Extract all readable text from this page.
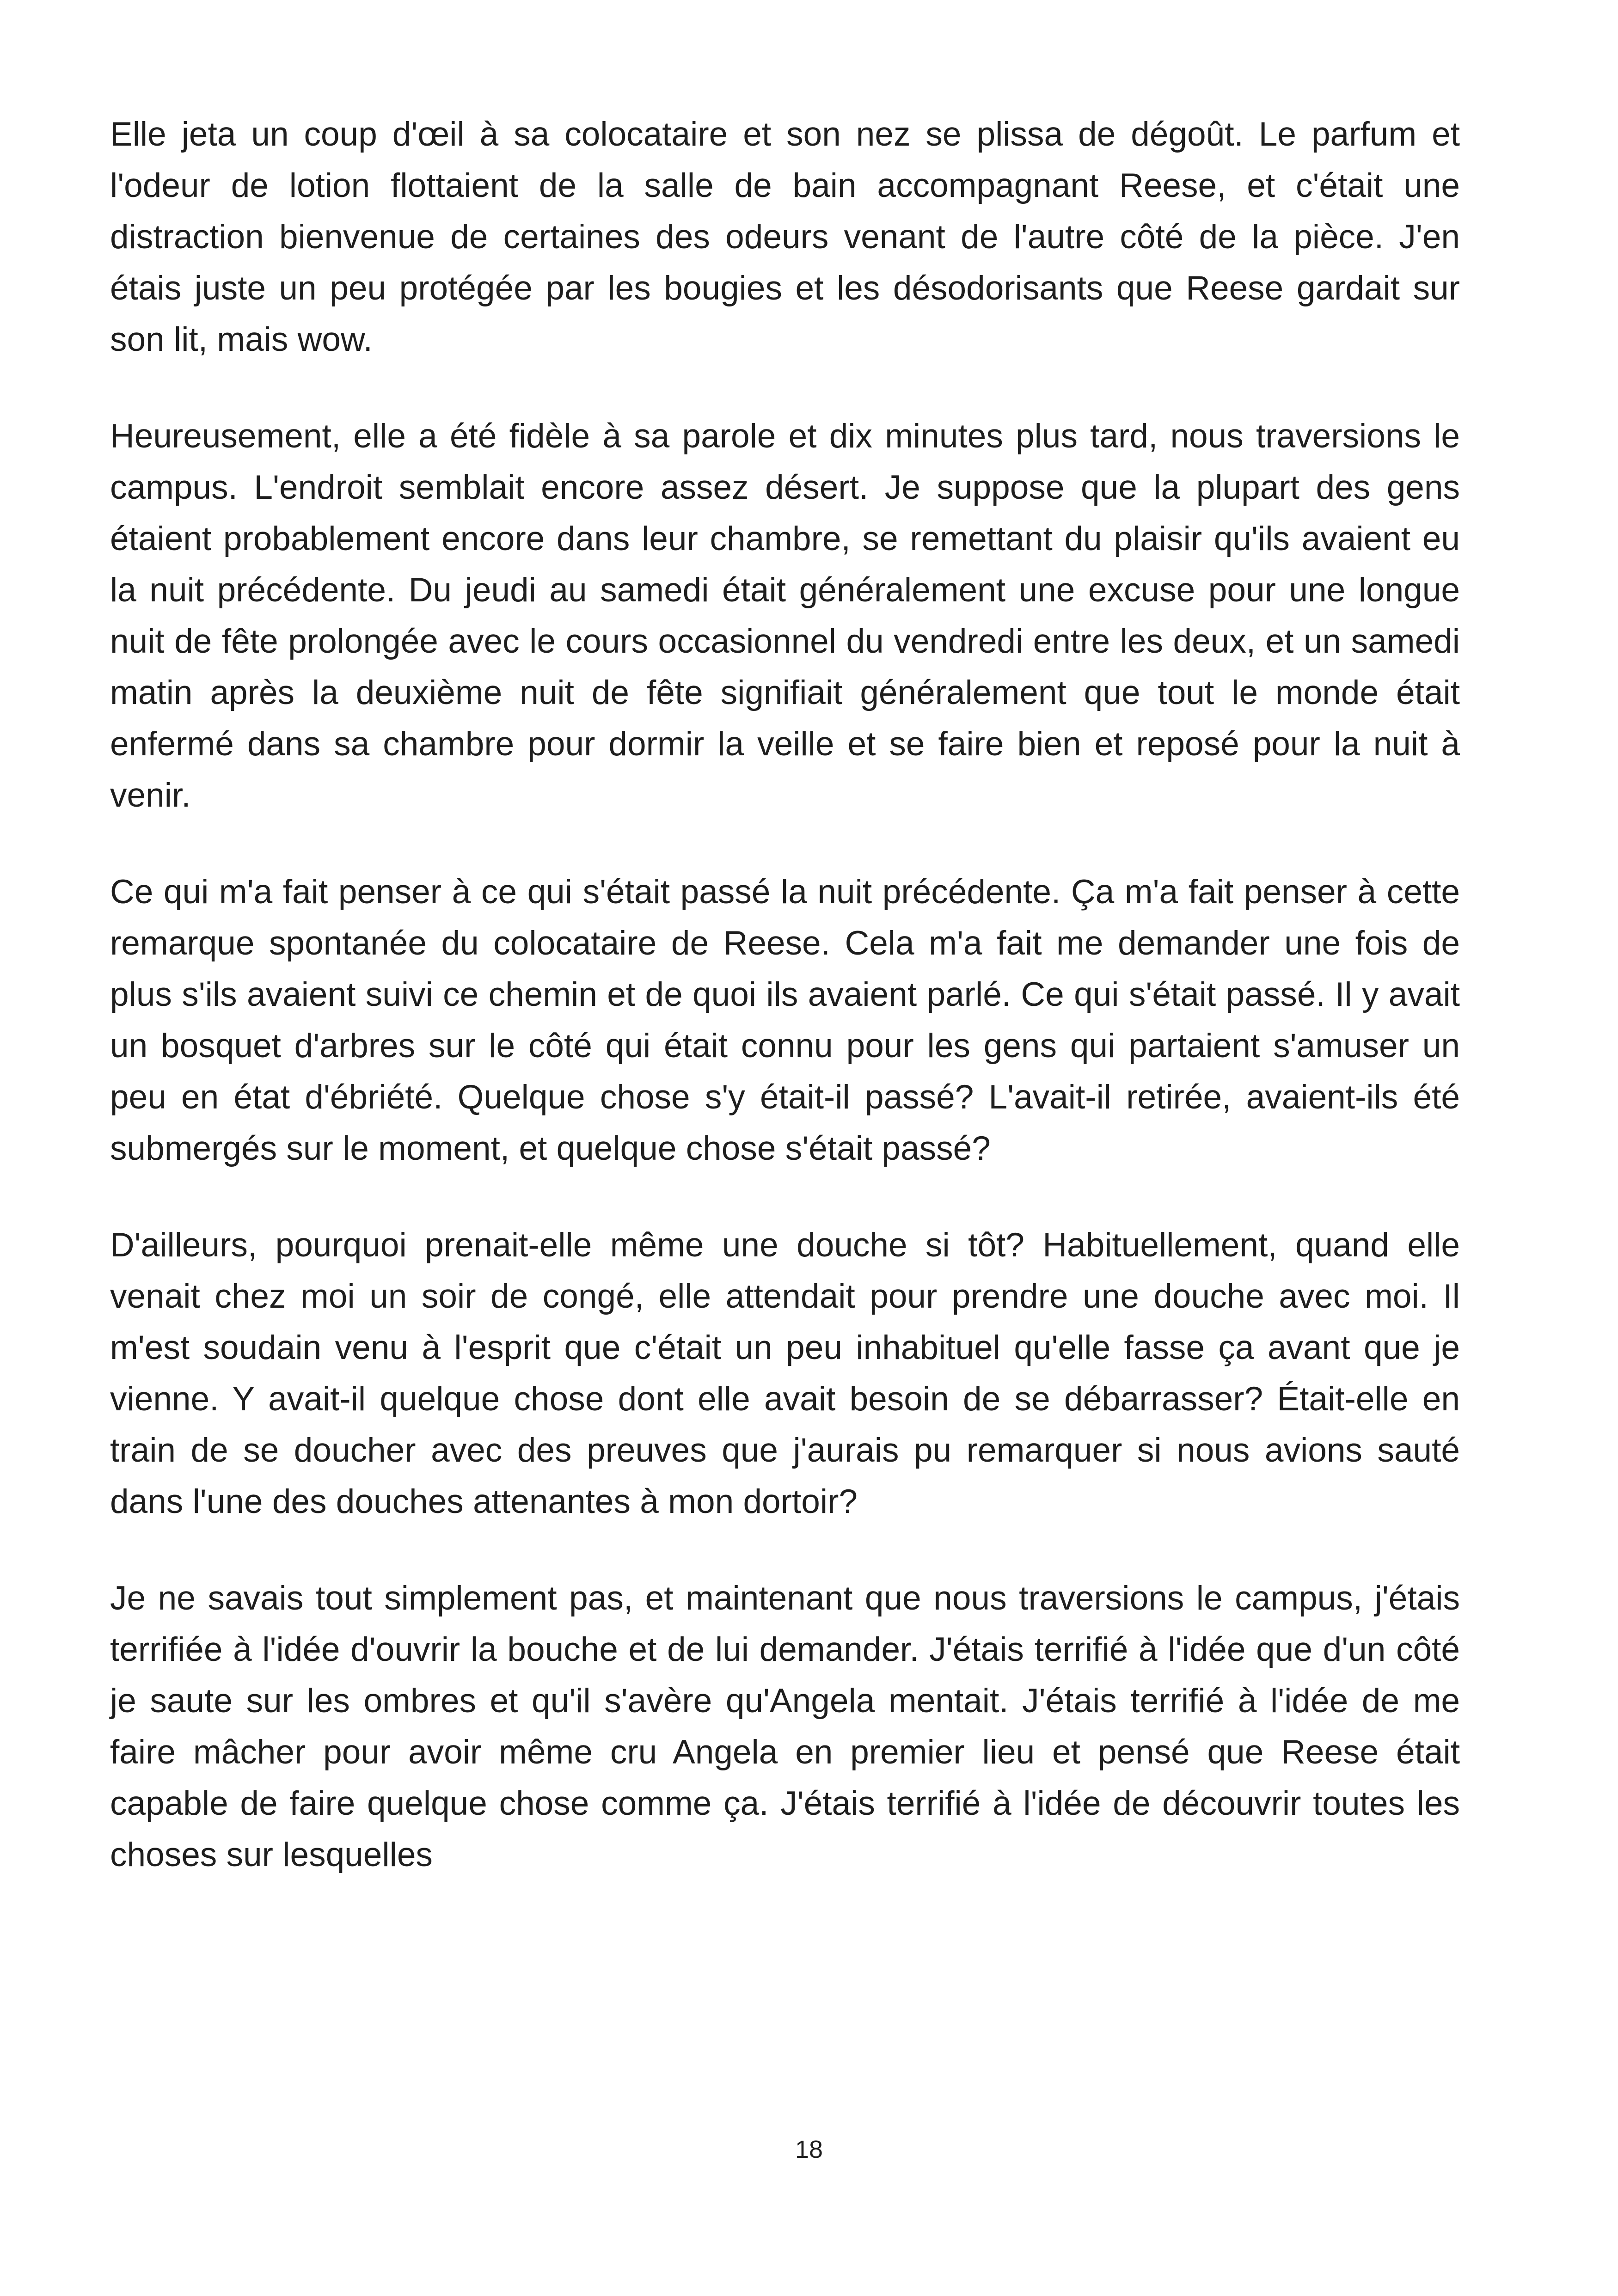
Elle jeta un coup d'œil à sa colocataire et son nez se plissa de dégoût. Le parfum et l'odeur de lotion flottaient de la salle de bain accompagnant Reese, et c'était une distraction bienvenue de certaines des odeurs venant de l'autre côté de la pièce. J'en étais juste un peu protégée par les bougies et les désodorisants que Reese gardait sur son lit, mais wow.

Heureusement, elle a été fidèle à sa parole et dix minutes plus tard, nous traversions le campus. L'endroit semblait encore assez désert. Je suppose que la plupart des gens étaient probablement encore dans leur chambre, se remettant du plaisir qu'ils avaient eu la nuit précédente. Du jeudi au samedi était généralement une excuse pour une longue nuit de fête prolongée avec le cours occasionnel du vendredi entre les deux, et un samedi matin après la deuxième nuit de fête signifiait généralement que tout le monde était enfermé dans sa chambre pour dormir la veille et se faire bien et reposé pour la nuit à venir.

Ce qui m'a fait penser à ce qui s'était passé la nuit précédente. Ça m'a fait penser à cette remarque spontanée du colocataire de Reese. Cela m'a fait me demander une fois de plus s'ils avaient suivi ce chemin et de quoi ils avaient parlé. Ce qui s'était passé. Il y avait un bosquet d'arbres sur le côté qui était connu pour les gens qui partaient s'amuser un peu en état d'ébriété. Quelque chose s'y était-il passé? L'avait-il retirée, avaient-ils été submergés sur le moment, et quelque chose s'était passé?

D'ailleurs, pourquoi prenait-elle même une douche si tôt? Habituellement, quand elle venait chez moi un soir de congé, elle attendait pour prendre une douche avec moi. Il m'est soudain venu à l'esprit que c'était un peu inhabituel qu'elle fasse ça avant que je vienne. Y avait-il quelque chose dont elle avait besoin de se débarrasser? Était-elle en train de se doucher avec des preuves que j'aurais pu remarquer si nous avions sauté dans l'une des douches attenantes à mon dortoir?

Je ne savais tout simplement pas, et maintenant que nous traversions le campus, j'étais terrifiée à l'idée d'ouvrir la bouche et de lui demander. J'étais terrifié à l'idée que d'un côté je saute sur les ombres et qu'il s'avère qu'Angela mentait. J'étais terrifié à l'idée de me faire mâcher pour avoir même cru Angela en premier lieu et pensé que Reese était capable de faire quelque chose comme ça. J'étais terrifié à l'idée de découvrir toutes les choses sur lesquelles

18
